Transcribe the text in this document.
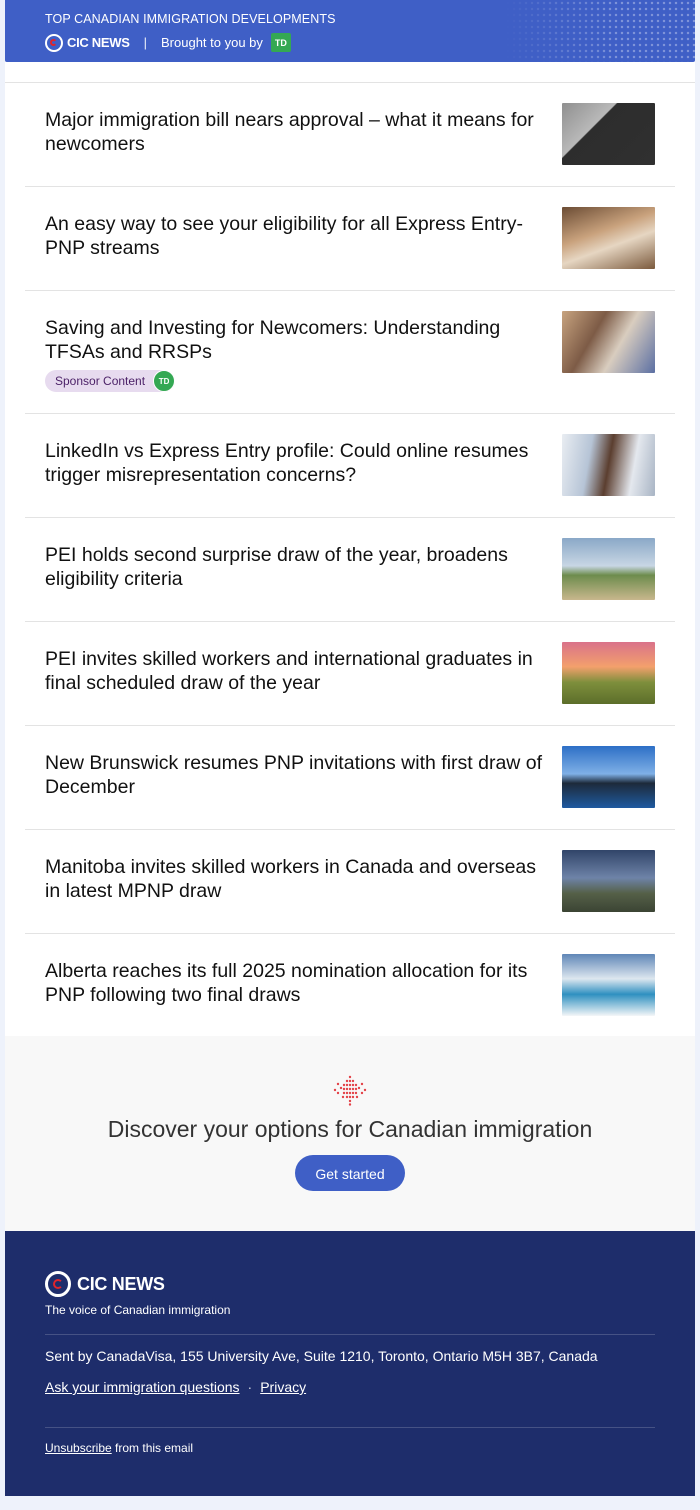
TOP CANADIAN IMMIGRATION DEVELOPMENTS
CIC NEWS | Brought to you by	TD
Major immigration bill nears approval – what it means for newcomers
An easy way to see your eligibility for all Express Entry-PNP streams
Saving and Investing for Newcomers: Understanding TFSAs and RRSPs
Sponsor Content	TD
LinkedIn vs Express Entry profile: Could online resumes trigger misrepresentation concerns?
PEI holds second surprise draw of the year, broadens eligibility criteria
PEI invites skilled workers and international graduates in final scheduled draw of the year
New Brunswick resumes PNP invitations with first draw of December
Manitoba invites skilled workers in Canada and overseas in latest MPNP draw
Alberta reaches its full 2025 nomination allocation for its PNP following two final draws
Discover your options for Canadian immigration
Get started
CIC NEWS
The voice of Canadian immigration
Sent by CanadaVisa, 155 University Ave, Suite 1210, Toronto, Ontario M5H 3B7, Canada
Ask your immigration questions · Privacy
Unsubscribe from this email
